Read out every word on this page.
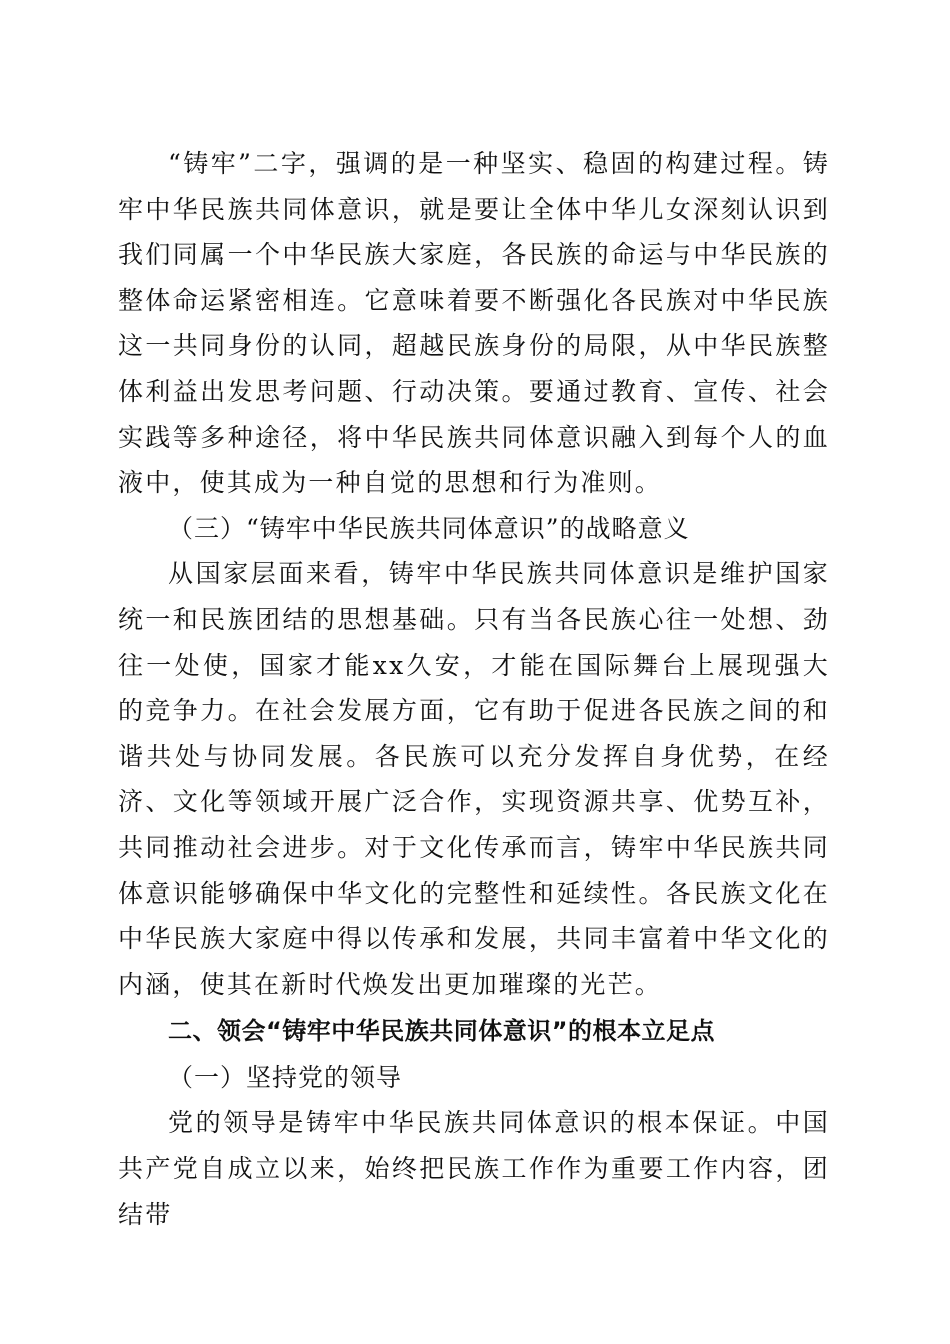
“铸牢”二字，强调的是一种坚实、稳固的构建过程。铸牢中华民族共同体意识，就是要让全体中华儿女深刻认识到我们同属一个中华民族大家庭，各民族的命运与中华民族的整体命运紧密相连。它意味着要不断强化各民族对中华民族这一共同身份的认同，超越民族身份的局限，从中华民族整体利益出发思考问题、行动决策。要通过教育、宣传、社会实践等多种途径，将中华民族共同体意识融入到每个人的血液中，使其成为一种自觉的思想和行为准则。

（三）“铸牢中华民族共同体意识”的战略意义

从国家层面来看，铸牢中华民族共同体意识是维护国家统一和民族团结的思想基础。只有当各民族心往一处想、劲往一处使，国家才能xx久安，才能在国际舞台上展现强大的竞争力。在社会发展方面，它有助于促进各民族之间的和谐共处与协同发展。各民族可以充分发挥自身优势，在经济、文化等领域开展广泛合作，实现资源共享、优势互补，共同推动社会进步。对于文化传承而言，铸牢中华民族共同体意识能够确保中华文化的完整性和延续性。各民族文化在中华民族大家庭中得以传承和发展，共同丰富着中华文化的内涵，使其在新时代焕发出更加璀璨的光芒。

二、领会“铸牢中华民族共同体意识”的根本立足点

（一）坚持党的领导

党的领导是铸牢中华民族共同体意识的根本保证。中国共产党自成立以来，始终把民族工作作为重要工作内容，团结带
